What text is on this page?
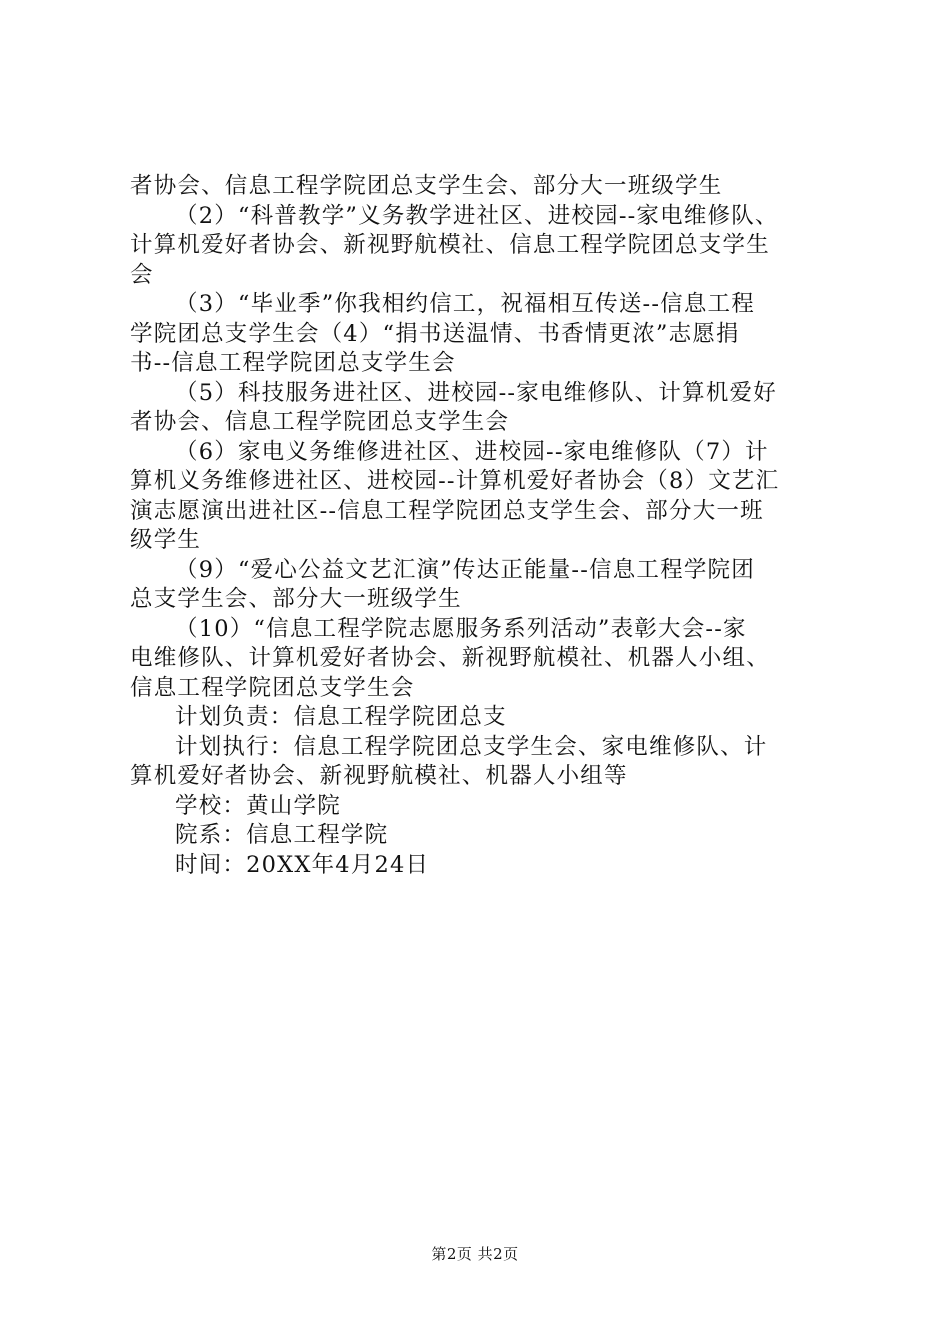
者协会、信息工程学院团总支学生会、部分大一班级学生
（2）“科普教学”义务教学进社区、进校园--家电维修队、
计算机爱好者协会、新视野航模社、信息工程学院团总支学生
会
（3）“毕业季”你我相约信工，祝福相互传送--信息工程
学院团总支学生会（4）“捐书送温情、书香情更浓”志愿捐
书--信息工程学院团总支学生会
（5）科技服务进社区、进校园--家电维修队、计算机爱好
者协会、信息工程学院团总支学生会
（6）家电义务维修进社区、进校园--家电维修队（7）计
算机义务维修进社区、进校园--计算机爱好者协会（8）文艺汇
演志愿演出进社区--信息工程学院团总支学生会、部分大一班
级学生
（9）“爱心公益文艺汇演”传达正能量--信息工程学院团
总支学生会、部分大一班级学生
（10）“信息工程学院志愿服务系列活动”表彰大会--家
电维修队、计算机爱好者协会、新视野航模社、机器人小组、
信息工程学院团总支学生会
计划负责：信息工程学院团总支
计划执行：信息工程学院团总支学生会、家电维修队、计
算机爱好者协会、新视野航模社、机器人小组等
学校：黄山学院
院系：信息工程学院
时间：20XX年4月24日
第2页 共2页
